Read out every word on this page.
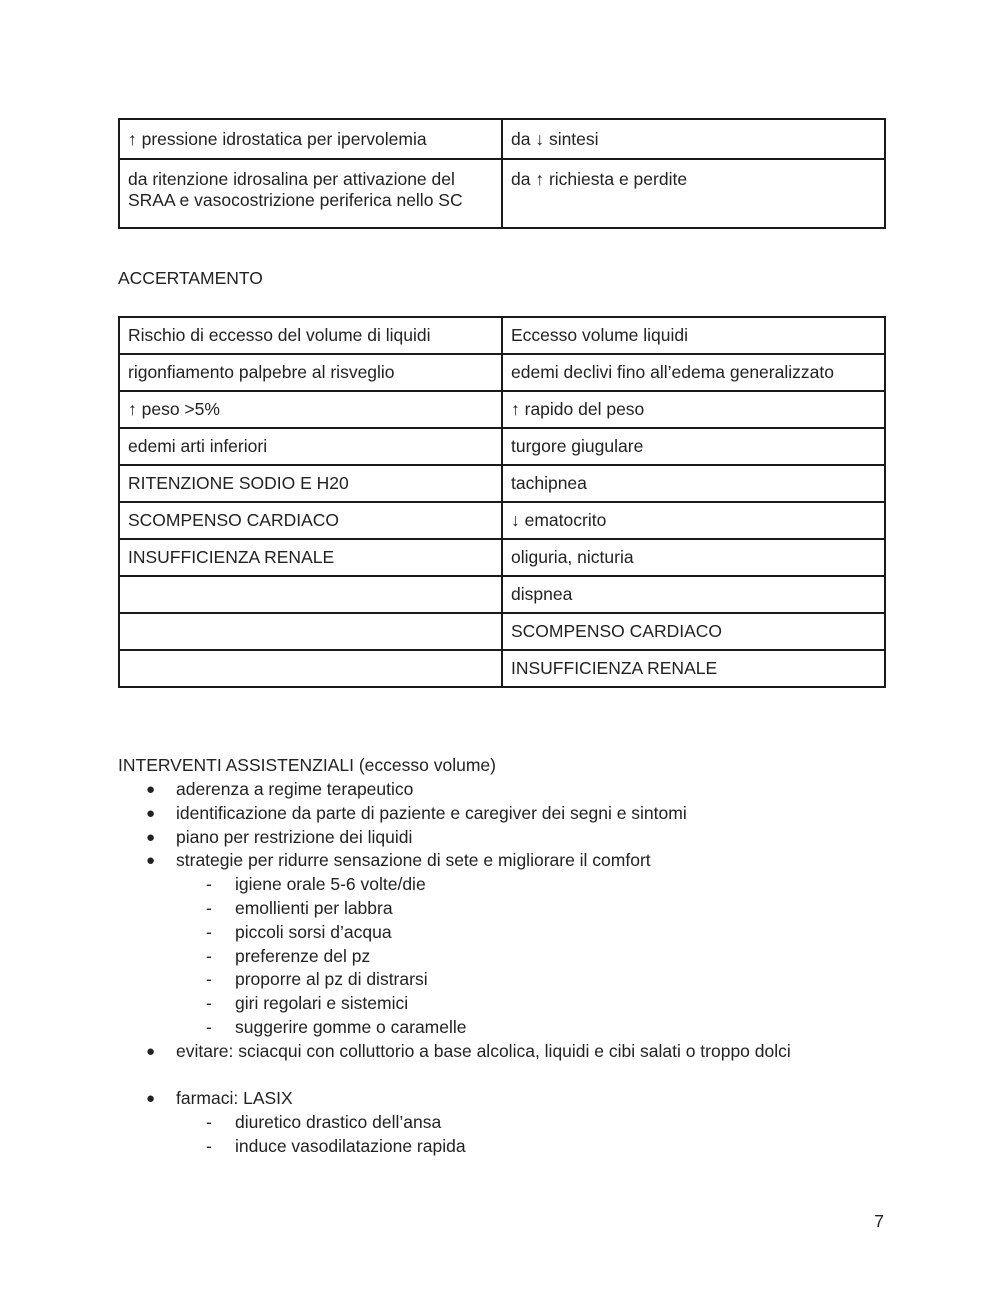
↑ pressione idrostatica per ipervolemia	da ↓ sintesi
da ritenzione idrosalina per attivazione del SRAA e vasocostrizione periferica nello SC	da ↑ richiesta e perdite
ACCERTAMENTO
Rischio di eccesso del volume di liquidi	Eccesso volume liquidi
rigonfiamento palpebre al risveglio	edemi declivi fino all’edema generalizzato
↑ peso >5%	↑ rapido del peso
edemi arti inferiori	turgore giugulare
RITENZIONE SODIO E H20	tachipnea
SCOMPENSO CARDIACO	↓ ematocrito
INSUFFICIENZA RENALE	oliguria, nicturia
	dispnea
	SCOMPENSO CARDIACO
	INSUFFICIENZA RENALE
INTERVENTI ASSISTENZIALI (eccesso volume)
● aderenza a regime terapeutico
● identificazione da parte di paziente e caregiver dei segni e sintomi
● piano per restrizione dei liquidi
● strategie per ridurre sensazione di sete e migliorare il comfort
- igiene orale 5-6 volte/die
- emollienti per labbra
- piccoli sorsi d’acqua
- preferenze del pz
- proporre al pz di distrarsi
- giri regolari e sistemici
- suggerire gomme o caramelle
● evitare: sciacqui con colluttorio a base alcolica, liquidi e cibi salati o troppo dolci
● farmaci: LASIX
- diuretico drastico dell’ansa
- induce vasodilatazione rapida
7
